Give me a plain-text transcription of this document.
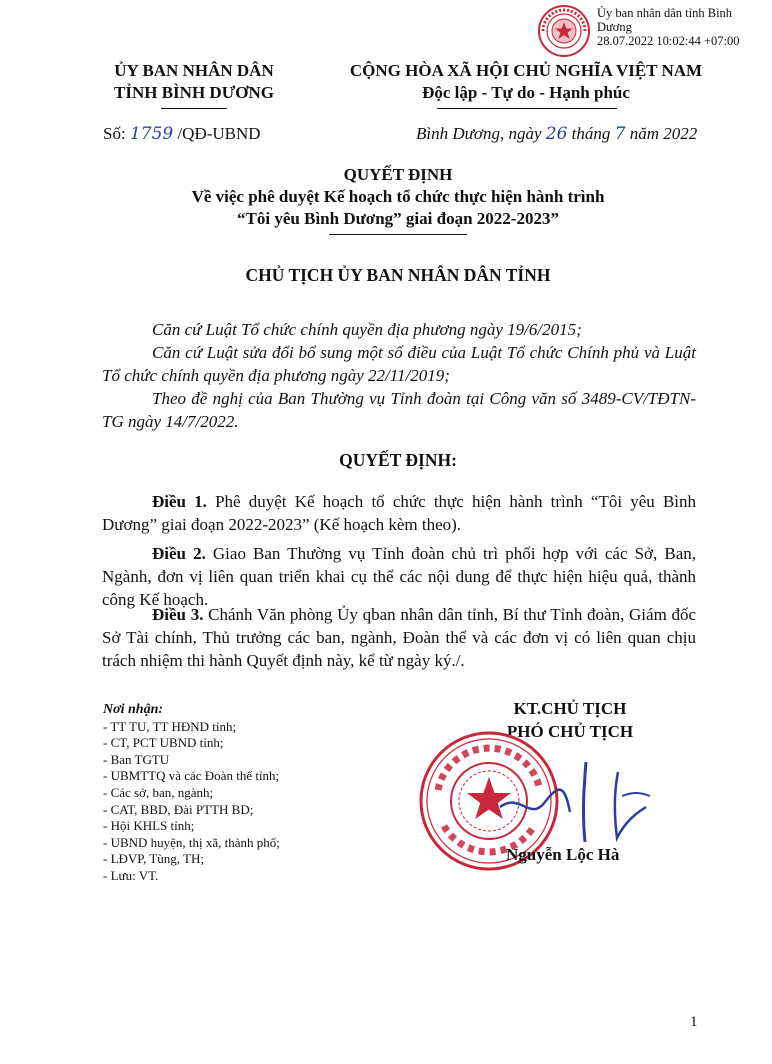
Ủy ban nhân dân tỉnh Bình
Dương
28.07.2022 10:02:44 +07:00
ỦY BAN NHÂN DÂN
TỈNH BÌNH DƯƠNG
CỘNG HÒA XÃ HỘI CHỦ NGHĨA VIỆT NAM
Độc lập - Tự do - Hạnh phúc
Số: 1759 /QĐ-UBND	Bình Dương, ngày 26 tháng 7 năm 2022
QUYẾT ĐỊNH
Về việc phê duyệt Kế hoạch tổ chức thực hiện hành trình
“Tôi yêu Bình Dương” giai đoạn 2022-2023”
CHỦ TỊCH ỦY BAN NHÂN DÂN TỈNH
Căn cứ Luật Tổ chức chính quyền địa phương ngày 19/6/2015;
Căn cứ Luật sửa đổi bổ sung một số điều của Luật Tổ chức Chính phủ và Luật Tổ chức chính quyền địa phương ngày 22/11/2019;
Theo đề nghị của Ban Thường vụ Tỉnh đoàn tại Công văn số 3489-CV/TĐTN-TG ngày 14/7/2022.
QUYẾT ĐỊNH:
Điều 1. Phê duyệt Kế hoạch tổ chức thực hiện hành trình “Tôi yêu Bình Dương” giai đoạn 2022-2023” (Kế hoạch kèm theo).
Điều 2. Giao Ban Thường vụ Tỉnh đoàn chủ trì phối hợp với các Sở, Ban, Ngành, đơn vị liên quan triển khai cụ thể các nội dung để thực hiện hiệu quả, thành công Kế hoạch.
Điều 3. Chánh Văn phòng Ủy qban nhân dân tỉnh, Bí thư Tỉnh đoàn, Giám đốc Sở Tài chính, Thủ trưởng các ban, ngành, Đoàn thể và các đơn vị có liên quan chịu trách nhiệm thi hành Quyết định này, kể từ ngày ký./.
Nơi nhận:
- TT TU, TT HĐND tỉnh;
- CT, PCT UBND tỉnh;
- Ban TGTU
- UBMTTQ và các Đoàn thể tỉnh;
- Các sở, ban, ngành;
- CAT, BBD, Đài PTTH BD;
- Hội KHLS tỉnh;
- UBND huyện, thị xã, thành phố;
- LĐVP, Tùng, TH;
- Lưu: VT.
KT.CHỦ TỊCH
PHÓ CHỦ TỊCH
Nguyễn Lộc Hà
1
